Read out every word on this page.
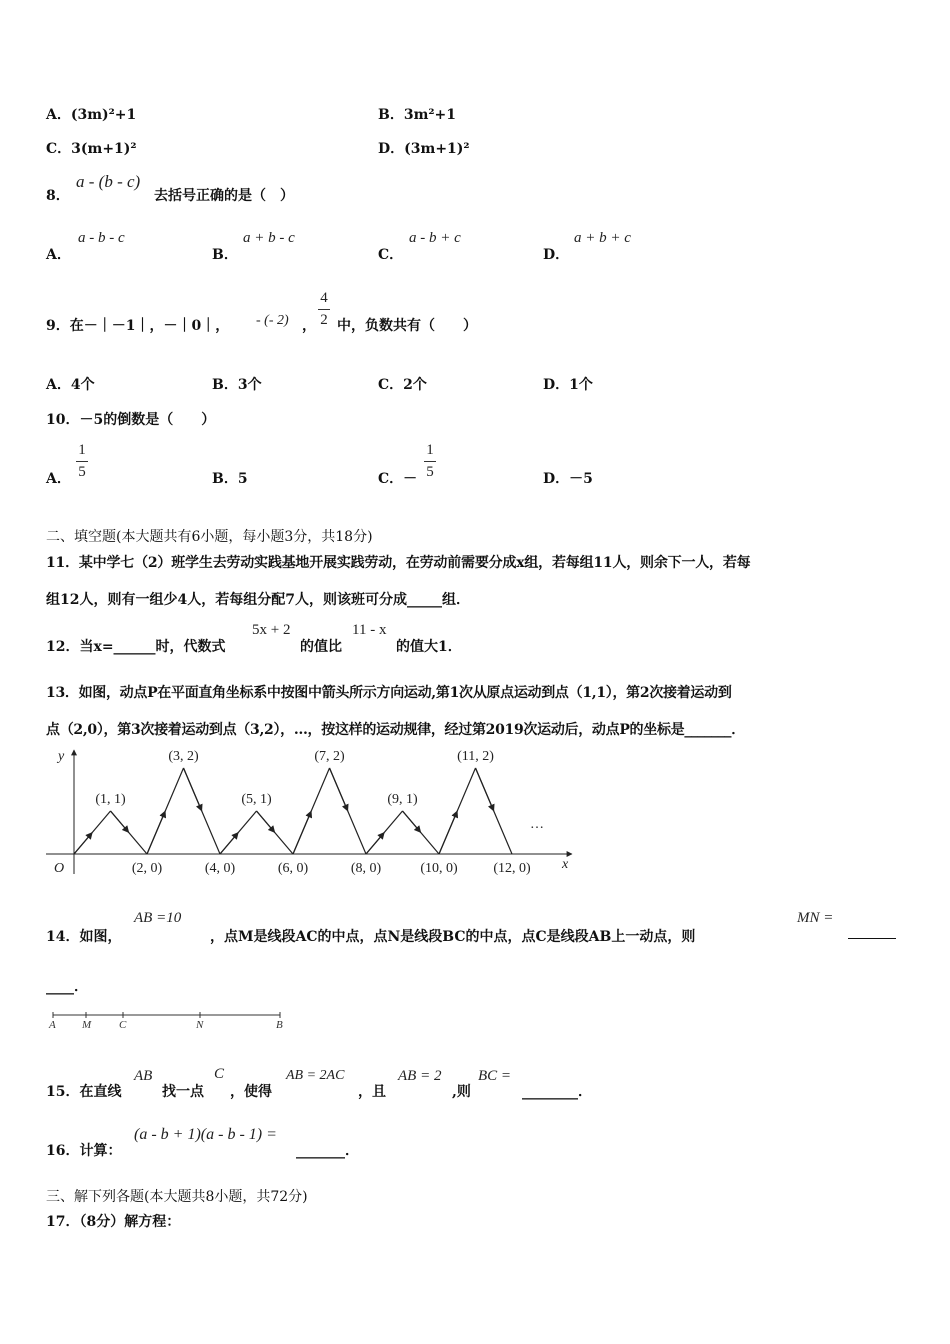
A．(3m)²+1	B．3m²+1
C．3(m+1)²	D．(3m+1)²
8．
a - (b - c)
去括号正确的是（　）
A．
a - b - c
B．
a + b - c
C．
a - b + c
D．
a + b + c
9．在－｜－1｜，－｜0｜， - (- 2) ，
4
2 中，负数共有（　　）
A．4个	B．3个	C．2个	D．1个
10．－5的倒数是（　　）
A．
1
5	B．5	C．－
1
5	D．－5
二、填空题(本大题共有6小题，每小题3分，共18分)
11．某中学七（2）班学生去劳动实践基地开展实践劳动，在劳动前需要分成x组，若每组11人，则余下一人，若每
组12人，则有一组少4人，若每组分配7人，则该班可分成_____组．
12．当x=______时，代数式
5x + 2
的值比
11 - x
的值大1．
13．如图，动点P在平面直角坐标系中按图中箭头所示方向运动,第1次从原点运动到点（1,1），第2次接着运动到
点（2,0），第3次接着运动到点（3,2），…，按这样的运动规律，经过第2019次运动后，动点P的坐标是_______．
x
y
O
(1, 1)
(2, 0)
(3, 2)
(4, 0)
(5, 1)
(6, 0)
(7, 2)
(8, 0)
(9, 1)
(10, 0)
(11, 2)
(12, 0)
…
14．如图，
AB =10
，点M是线段AC的中点，点N是线段BC的中点，点C是线段AB上一动点，则
MN =
____．
A M	C	N	B
15．在直线
AB
找一点
C
，使得
AB = 2AC
，且
AB = 2
,则
BC =
________．
16．计算：
(a - b + 1)(a - b - 1) =
_______．
三、解下列各题(本大题共8小题，共72分)
17．（8分）解方程：
